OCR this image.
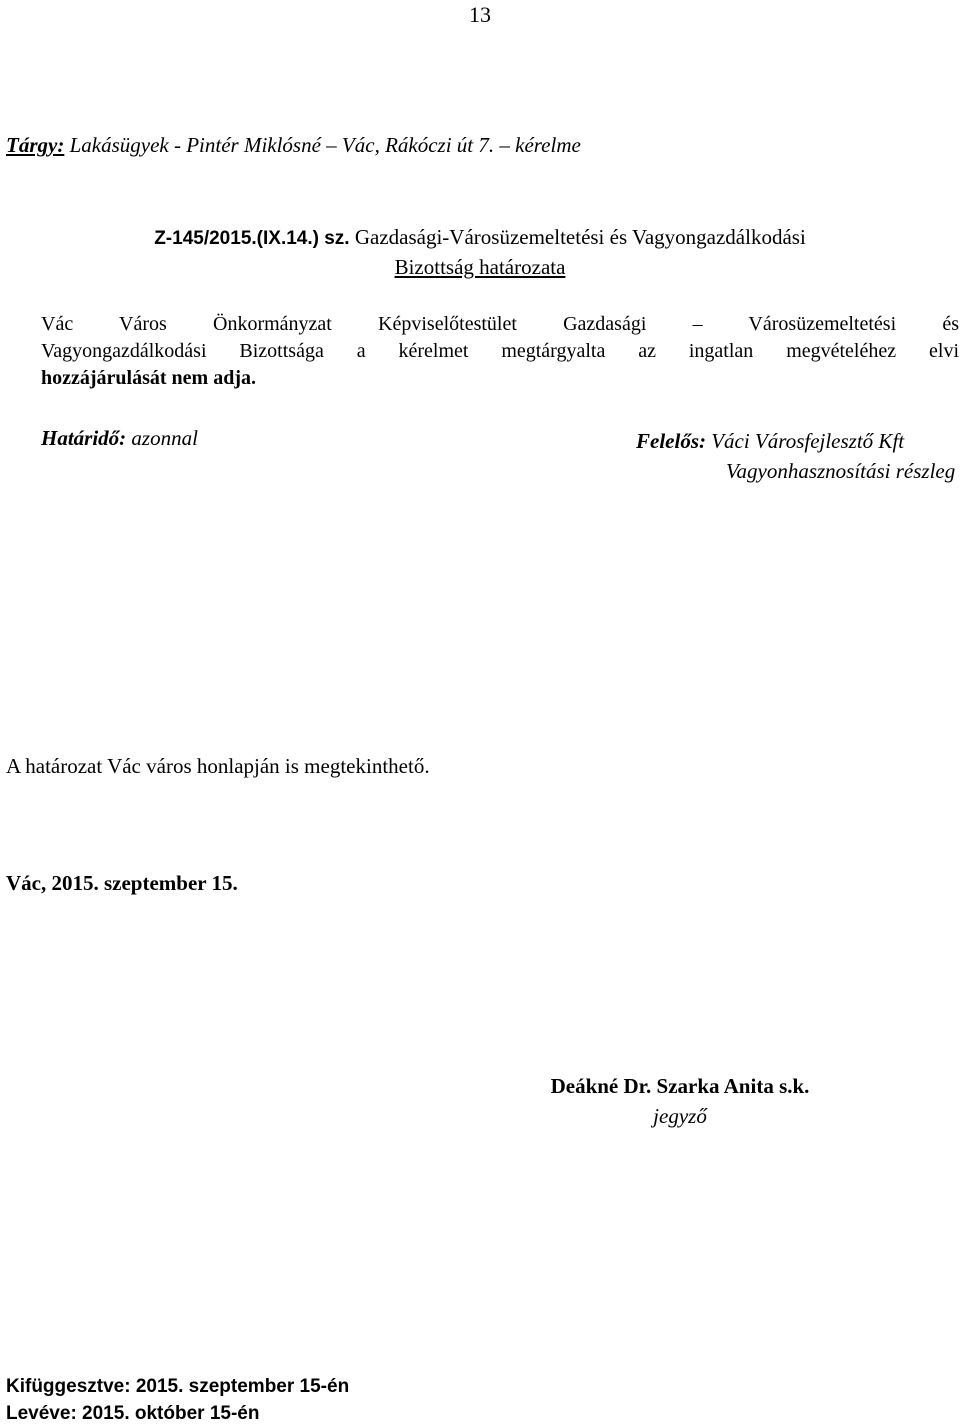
13
Tárgy: Lakásügyek - Pintér Miklósné – Vác, Rákóczi út 7. – kérelme
Z-145/2015.(IX.14.) sz. Gazdasági-Városüzemeltetési és Vagyongazdálkodási
Bizottság határozata
Vác Város Önkormányzat Képviselőtestület Gazdasági – Városüzemeltetési és
Vagyongazdálkodási Bizottsága a kérelmet megtárgyalta az ingatlan megvételéhez elvi
hozzájárulását nem adja.
Határidő: azonnal	Felelős: Váci Városfejlesztő Kft
Vagyonhasznosítási részleg
A határozat Vác város honlapján is megtekinthető.
Vác, 2015. szeptember 15.
Deákné Dr. Szarka Anita s.k.
jegyző
Kifüggesztve: 2015. szeptember 15-én
Levéve: 2015. október 15-én
